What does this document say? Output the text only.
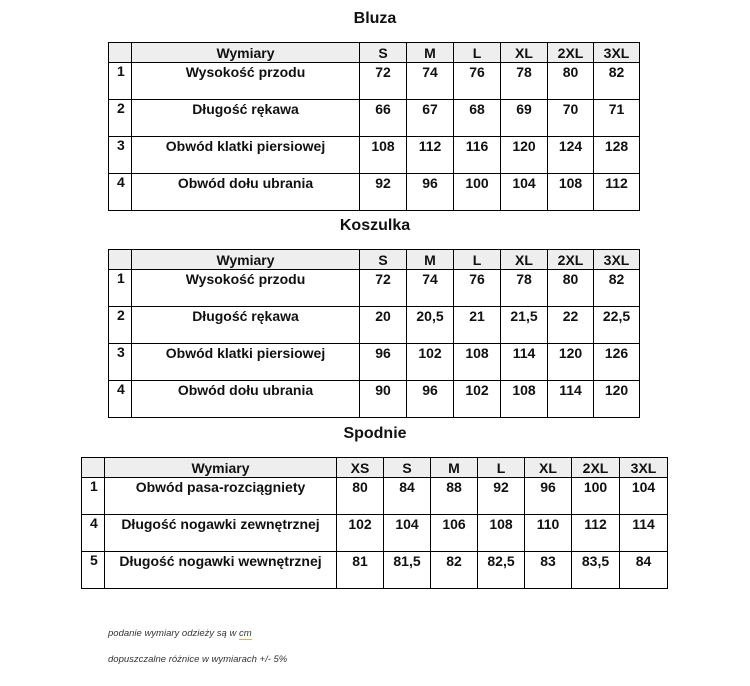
Bluza
	Wymiary	S	M	L	XL	2XL	3XL
1	Wysokość przodu	72	74	76	78	80	82
2	Długość rękawa	66	67	68	69	70	71
3	Obwód klatki piersiowej	108	112	116	120	124	128
4	Obwód dołu ubrania	92	96	100	104	108	112
Koszulka
	Wymiary	S	M	L	XL	2XL	3XL
1	Wysokość przodu	72	74	76	78	80	82
2	Długość rękawa	20	20,5	21	21,5	22	22,5
3	Obwód klatki piersiowej	96	102	108	114	120	126
4	Obwód dołu ubrania	90	96	102	108	114	120
Spodnie
	Wymiary	XS	S	M	L	XL	2XL	3XL
1	Obwód pasa-rozciągniety	80	84	88	92	96	100	104
4	Długość nogawki zewnętrznej	102	104	106	108	110	112	114
5	Długość nogawki wewnętrznej	81	81,5	82	82,5	83	83,5	84
podanie wymiary odzieży są w cm
dopuszczalne różnice w wymiarach +/- 5%
